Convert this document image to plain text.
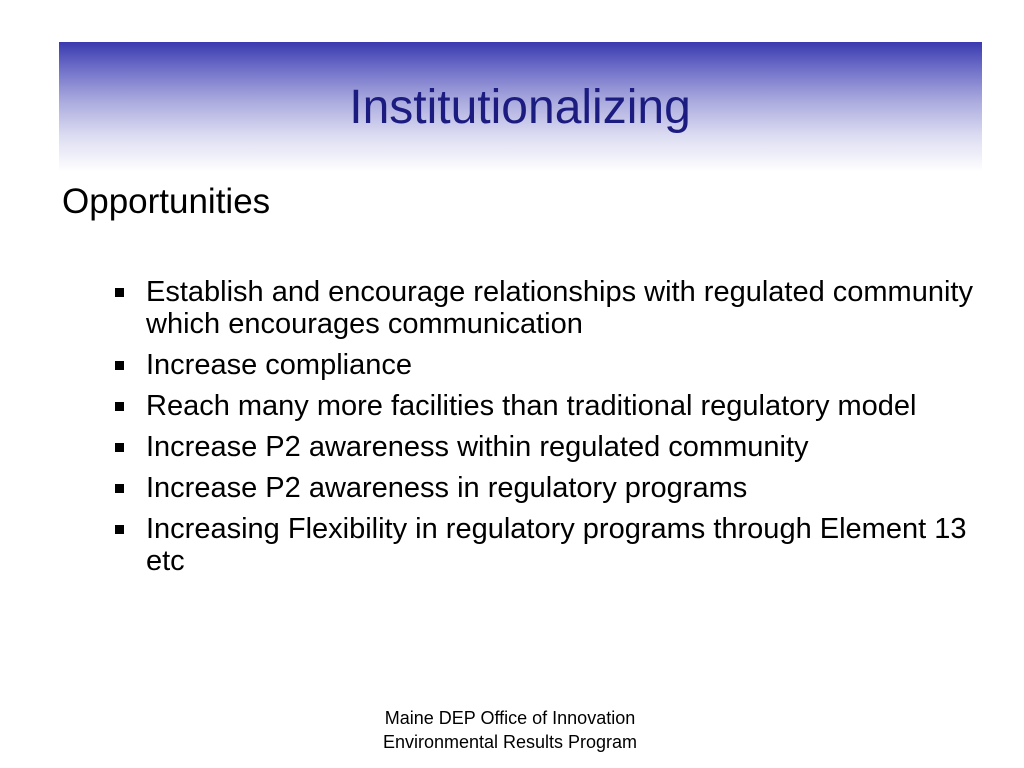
Institutionalizing
Opportunities
Establish and encourage relationships with regulated community which encourages communication
Increase compliance
Reach many more facilities than traditional regulatory model
Increase P2 awareness within regulated community
Increase P2 awareness in regulatory programs
Increasing Flexibility in regulatory programs through Element 13 etc
Maine DEP Office of Innovation
Environmental Results Program
